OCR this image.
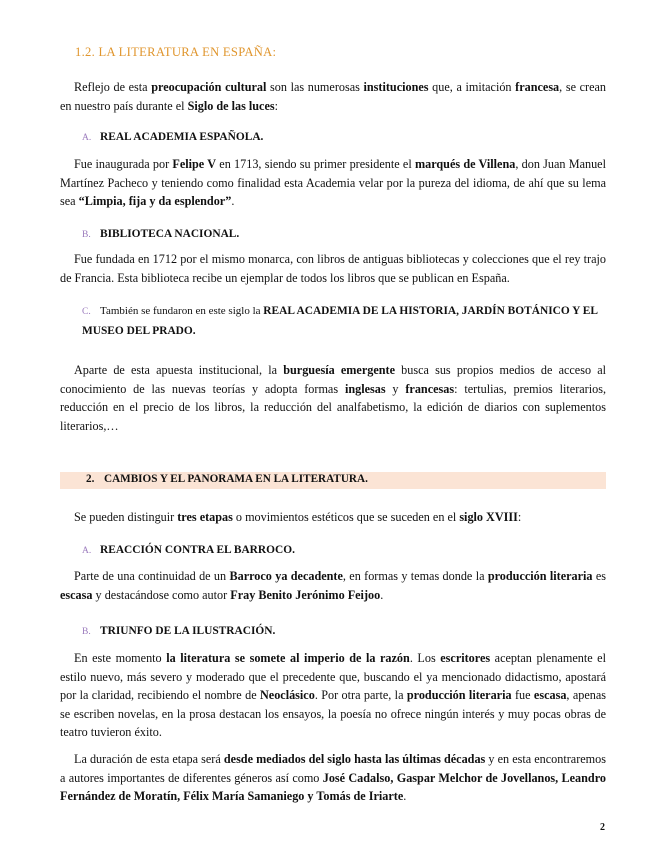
1.2. LA LITERATURA EN ESPAÑA:

Reflejo de esta preocupación cultural son las numerosas instituciones que, a imitación francesa, se crean en nuestro país durante el Siglo de las luces:

A. REAL ACADEMIA ESPAÑOLA.

Fue inaugurada por Felipe V en 1713, siendo su primer presidente el marqués de Villena, don Juan Manuel Martínez Pacheco y teniendo como finalidad esta Academia velar por la pureza del idioma, de ahí que su lema sea “Limpia, fija y da esplendor”.

B. BIBLIOTECA NACIONAL.

Fue fundada en 1712 por el mismo monarca, con libros de antiguas bibliotecas y colecciones que el rey trajo de Francia. Esta biblioteca recibe un ejemplar de todos los libros que se publican en España.

C. También se fundaron en este siglo la REAL ACADEMIA DE LA HISTORIA, JARDÍN BOTÁNICO Y EL MUSEO DEL PRADO.

Aparte de esta apuesta institucional, la burguesía emergente busca sus propios medios de acceso al conocimiento de las nuevas teorías y adopta formas inglesas y francesas: tertulias, premios literarios, reducción en el precio de los libros, la reducción del analfabetismo, la edición de diarios con suplementos literarios,…

2. CAMBIOS Y EL PANORAMA EN LA LITERATURA.

Se pueden distinguir tres etapas o movimientos estéticos que se suceden en el siglo XVIII:

A. REACCIÓN CONTRA EL BARROCO.

Parte de una continuidad de un Barroco ya decadente, en formas y temas donde la producción literaria es escasa y destacándose como autor Fray Benito Jerónimo Feijoo.

B. TRIUNFO DE LA ILUSTRACIÓN.

En este momento la literatura se somete al imperio de la razón. Los escritores aceptan plenamente el estilo nuevo, más severo y moderado que el precedente que, buscando el ya mencionado didactismo, apostará por la claridad, recibiendo el nombre de Neoclásico. Por otra parte, la producción literaria fue escasa, apenas se escriben novelas, en la prosa destacan los ensayos, la poesía no ofrece ningún interés y muy pocas obras de teatro tuvieron éxito.

La duración de esta etapa será desde mediados del siglo hasta las últimas décadas y en esta encontraremos a autores importantes de diferentes géneros así como José Cadalso, Gaspar Melchor de Jovellanos, Leandro Fernández de Moratín, Félix María Samaniego y Tomás de Iriarte.

2
